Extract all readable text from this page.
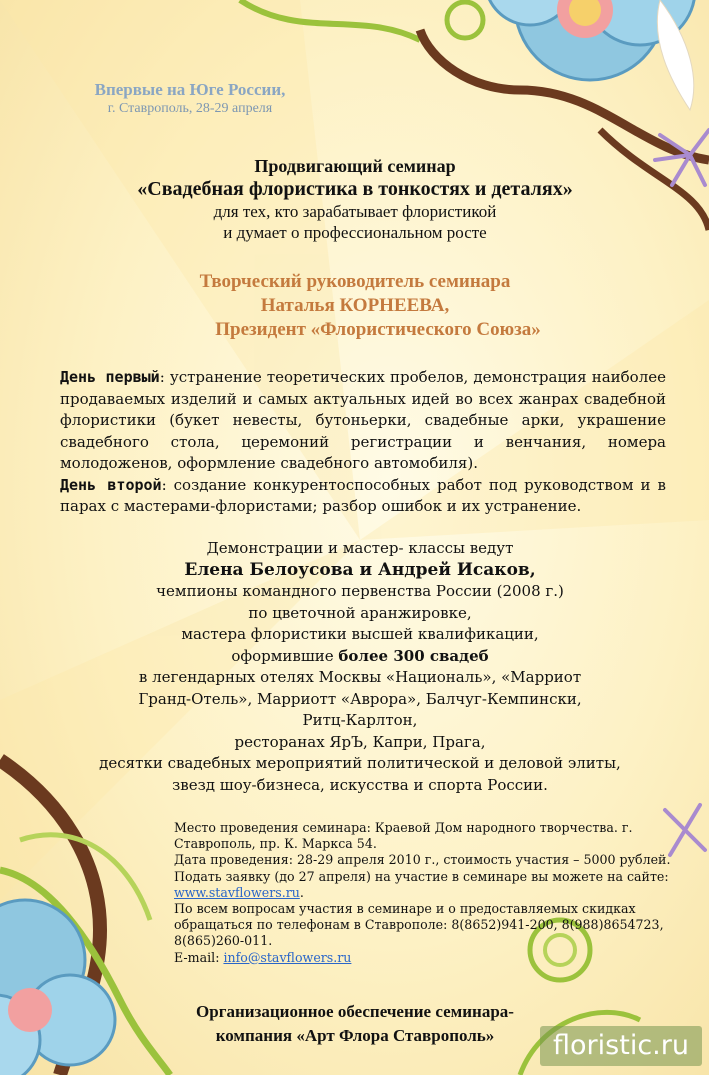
Впервые на Юге России,
г. Ставрополь, 28-29 апреля
Продвигающий семинар
«Свадебная флористика в тонкостях и деталях»
для тех, кто зарабатывает флористикой
и думает о профессиональном росте
Творческий руководитель семинара
Наталья КОРНЕЕВА,
Президент «Флористического Союза»
День первый: устранение теоретических пробелов, демонстрация наиболее продаваемых изделий и самых актуальных идей во всех жанрах свадебной флористики (букет невесты, бутоньерки, свадебные арки, украшение свадебного стола, церемоний регистрации и венчания, номера молодоженов, оформление свадебного автомобиля).
День второй: создание конкурентоспособных работ под руководством и в парах с мастерами-флористами; разбор ошибок и их устранение.
Демонстрации и мастер- классы ведут
Елена Белоусова и Андрей Исаков,
чемпионы командного первенства России (2008 г.)
по цветочной аранжировке,
мастера флористики высшей квалификации,
оформившие более 300 свадеб
в легендарных отелях Москвы «Националь», «Марриот
Гранд-Отель», Марриотт «Аврора», Балчуг-Кемпински,
Ритц-Карлтон,
ресторанах ЯрЪ, Капри, Прага,
десятки свадебных мероприятий политической и деловой элиты,
звезд шоу-бизнеса, искусства и спорта России.
Место проведения семинара: Краевой Дом народного творчества. г. Ставрополь, пр. К. Маркса 54.
Дата проведения: 28-29 апреля 2010 г., стоимость участия – 5000 рублей.
Подать заявку (до 27 апреля) на участие в семинаре вы можете на сайте: www.stavflowers.ru.
По всем вопросам участия в семинаре и о предоставляемых скидках обращаться по телефонам в Ставрополе: 8(8652)941-200, 8(988)8654723, 8(865)260-011.
E-mail: info@stavflowers.ru
Организационное обеспечение семинара-
компания «Арт Флора Ставрополь»	floristic.ru
